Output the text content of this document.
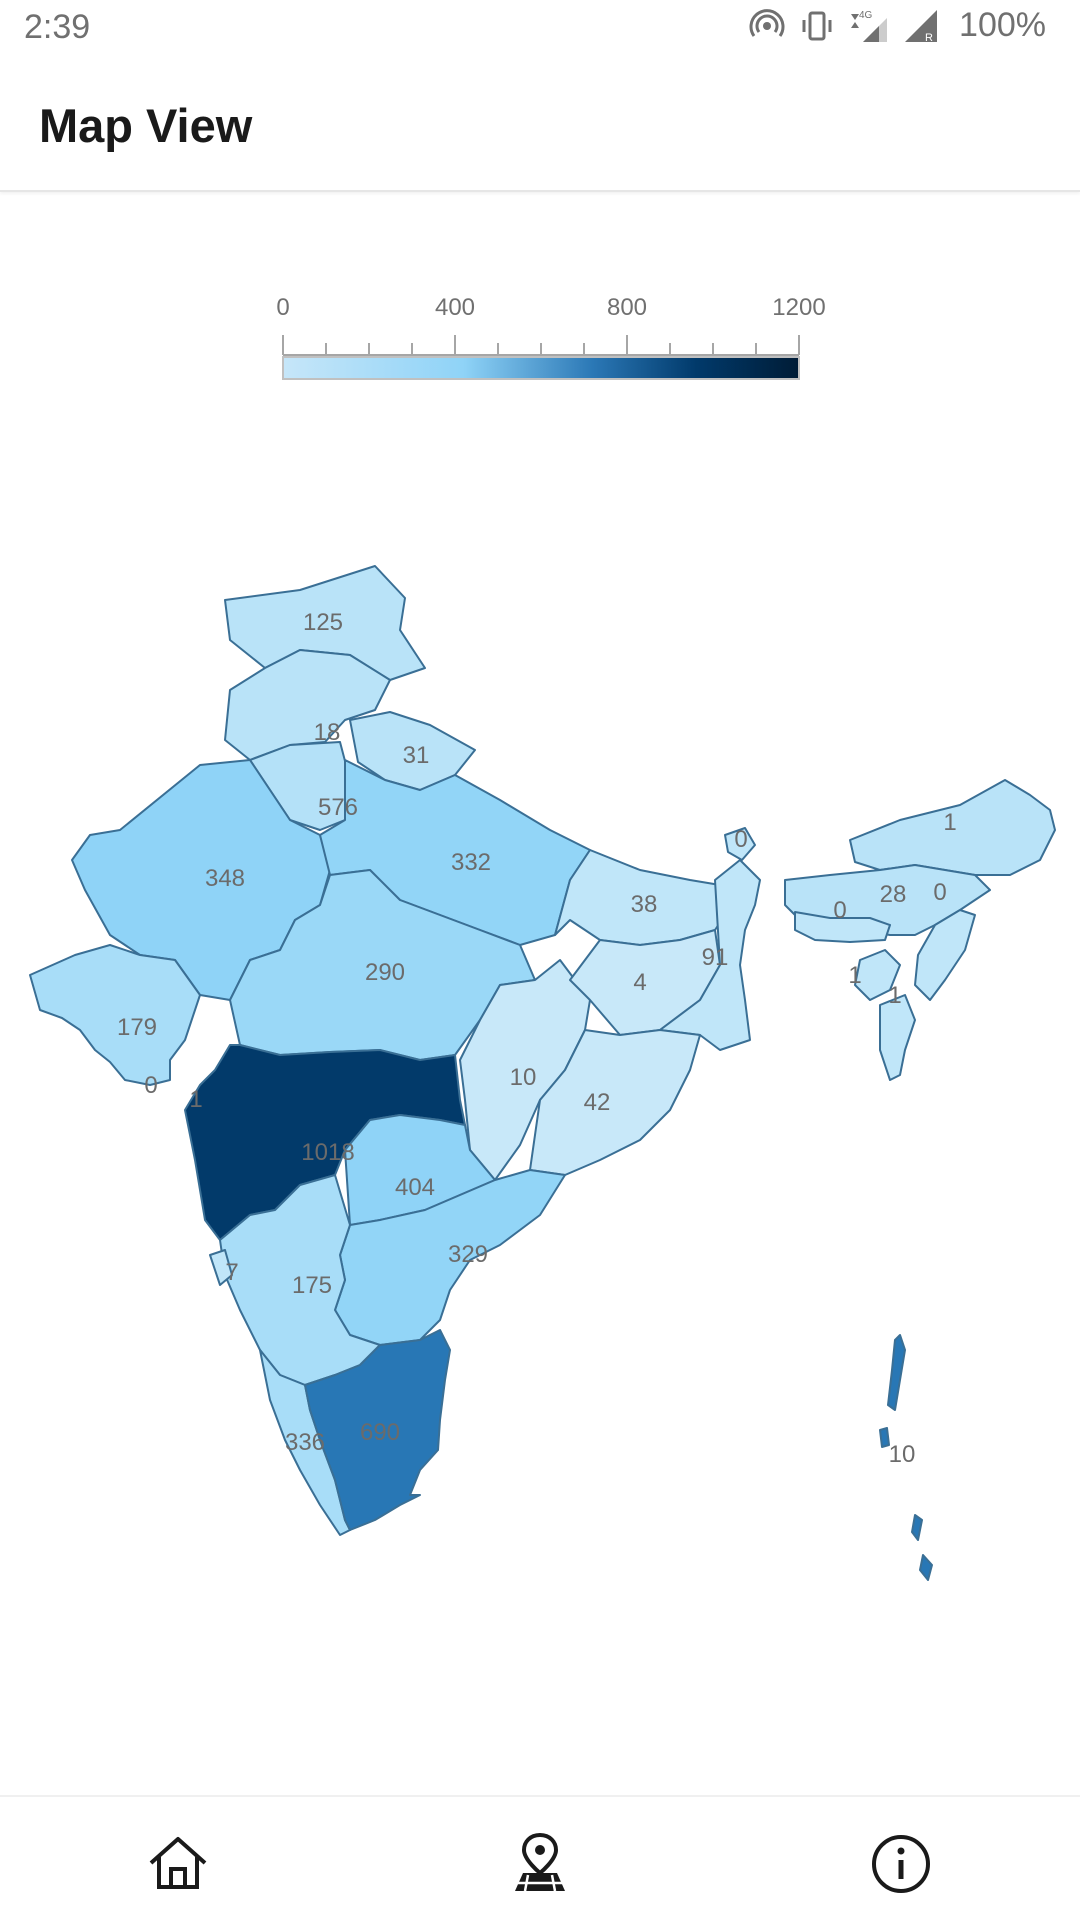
2:39	4G
R 100%
Map View
0	400	800	1200
125
18
31
576
348
332
38
290	4
91
179
0
1
10
42
1018
404
329
7 175
336 690
10
0
1
28 0
0
1
1
